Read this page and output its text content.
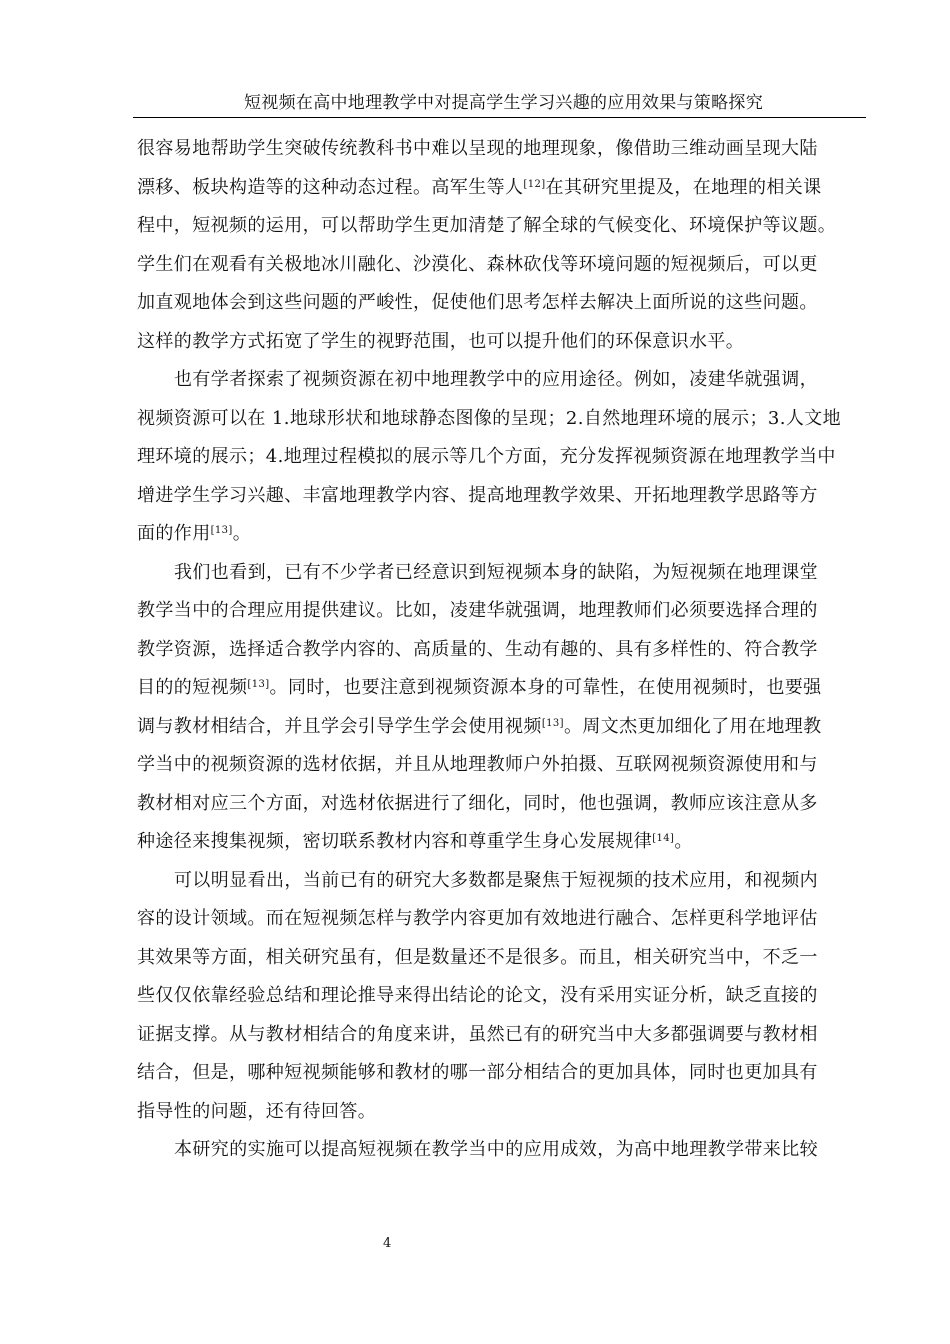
短视频在高中地理教学中对提高学生学习兴趣的应用效果与策略探究
很容易地帮助学生突破传统教科书中难以呈现的地理现象，像借助三维动画呈现大陆
漂移、板块构造等的这种动态过程。高军生等人[12]在其研究里提及，在地理的相关课
程中，短视频的运用，可以帮助学生更加清楚了解全球的气候变化、环境保护等议题。
学生们在观看有关极地冰川融化、沙漠化、森林砍伐等环境问题的短视频后，可以更
加直观地体会到这些问题的严峻性，促使他们思考怎样去解决上面所说的这些问题。
这样的教学方式拓宽了学生的视野范围，也可以提升他们的环保意识水平。
也有学者探索了视频资源在初中地理教学中的应用途径。例如，凌建华就强调，
视频资源可以在 1.地球形状和地球静态图像的呈现；2.自然地理环境的展示；3.人文地
理环境的展示；4.地理过程模拟的展示等几个方面，充分发挥视频资源在地理教学当中
增进学生学习兴趣、丰富地理教学内容、提高地理教学效果、开拓地理教学思路等方
面的作用[13]。
我们也看到，已有不少学者已经意识到短视频本身的缺陷，为短视频在地理课堂
教学当中的合理应用提供建议。比如，凌建华就强调，地理教师们必须要选择合理的
教学资源，选择适合教学内容的、高质量的、生动有趣的、具有多样性的、符合教学
目的的短视频[13]。同时，也要注意到视频资源本身的可靠性，在使用视频时，也要强
调与教材相结合，并且学会引导学生学会使用视频[13]。周文杰更加细化了用在地理教
学当中的视频资源的选材依据，并且从地理教师户外拍摄、互联网视频资源使用和与
教材相对应三个方面，对选材依据进行了细化，同时，他也强调，教师应该注意从多
种途径来搜集视频，密切联系教材内容和尊重学生身心发展规律[14]。
可以明显看出，当前已有的研究大多数都是聚焦于短视频的技术应用，和视频内
容的设计领域。而在短视频怎样与教学内容更加有效地进行融合、怎样更科学地评估
其效果等方面，相关研究虽有，但是数量还不是很多。而且，相关研究当中，不乏一
些仅仅依靠经验总结和理论推导来得出结论的论文，没有采用实证分析，缺乏直接的
证据支撑。从与教材相结合的角度来讲，虽然已有的研究当中大多都强调要与教材相
结合，但是，哪种短视频能够和教材的哪一部分相结合的更加具体，同时也更加具有
指导性的问题，还有待回答。
本研究的实施可以提高短视频在教学当中的应用成效，为高中地理教学带来比较
4
